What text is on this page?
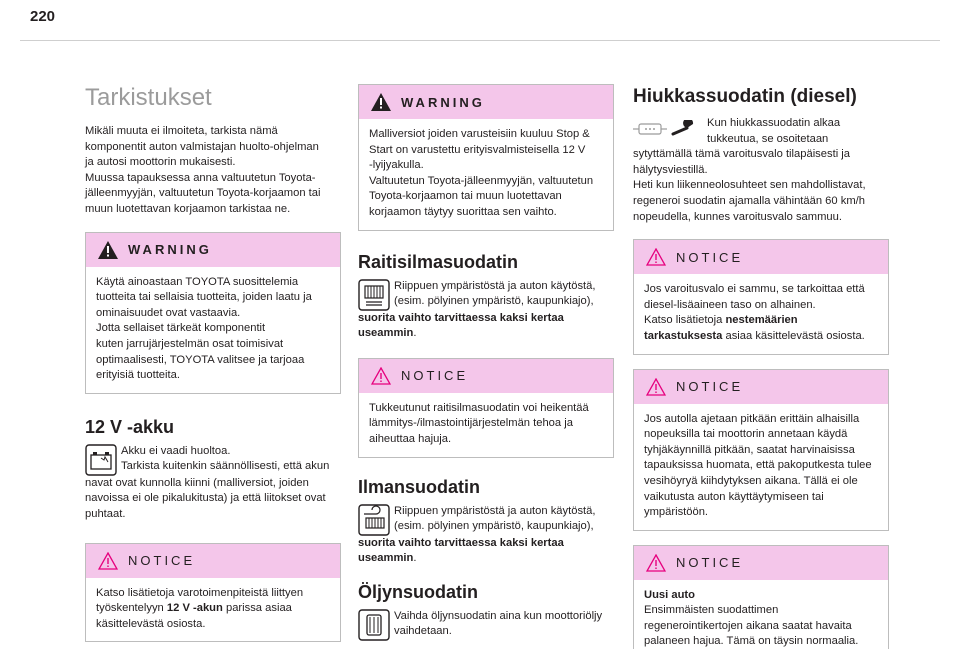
220
Tarkistukset

Mikäli muuta ei ilmoiteta, tarkista nämä
komponentit auton valmistajan huolto-ohjelman
ja autosi moottorin mukaisesti.
Muussa tapauksessa anna valtuutetun Toyota-
jälleenmyyjän, valtuutetun Toyota-korjaamon tai
muun luotettavan korjaamon tarkistaa ne.

WARNING

Käytä ainoastaan TOYOTA suosittelemia
tuotteita tai sellaisia tuotteita, joiden laatu ja
ominaisuudet ovat vastaavia.
Jotta sellaiset tärkeät komponentit
kuten jarrujärjestelmän osat toimisivat
optimaalisesti, TOYOTA valitsee ja tarjoaa
erityisiä tuotteita.

12 V -akku

Akku ei vaadi huoltoa.
Tarkista kuitenkin säännöllisesti, että akun

navat ovat kunnolla kiinni (malliversiot, joiden
navoissa ei ole pikalukitusta) ja että liitokset ovat
puhtaat.

NOTICE

Katso lisätietoja varotoimenpiteistä liittyen
työskentelyyn 12 V -akun parissa asiaa
käsittelevästä osiosta.

WARNING

Malliversiot joiden varusteisiin kuuluu Stop &
Start on varustettu erityisvalmisteisella 12 V
-lyijyakulla.
Valtuutetun Toyota-jälleenmyyjän, valtuutetun
Toyota-korjaamon tai muun luotettavan
korjaamon täytyy suorittaa sen vaihto.

Raitisilmasuodatin

Riippuen ympäristöstä ja auton käytöstä,
(esim. pölyinen ympäristö, kaupunkiajo),

suorita vaihto tarvittaessa kaksi kertaa
useammin.

NOTICE

Tukkeutunut raitisilmasuodatin voi heikentää
lämmitys-/ilmastointijärjestelmän tehoa ja
aiheuttaa hajuja.

Ilmansuodatin

Riippuen ympäristöstä ja auton käytöstä,
(esim. pölyinen ympäristö, kaupunkiajo),

suorita vaihto tarvittaessa kaksi kertaa
useammin.

Öljynsuodatin

Vaihda öljynsuodatin aina kun moottoriöljy
vaihdetaan.

Hiukkassuodatin (diesel)

Kun hiukkassuodatin alkaa
tukkeutua, se osoitetaan

sytyttämällä tämä varoitusvalo tilapäisesti ja
hälytysviestillä.
Heti kun liikenneolosuhteet sen mahdollistavat,
regeneroi suodatin ajamalla vähintään 60 km/h
nopeudella, kunnes varoitusvalo sammuu.

NOTICE

Jos varoitusvalo ei sammu, se tarkoittaa että
diesel-lisäaineen taso on alhainen.
Katso lisätietoja nestemäärien
tarkastuksesta asiaa käsittelevästä osiosta.

NOTICE

Jos autolla ajetaan pitkään erittäin alhaisilla
nopeuksilla tai moottorin annetaan käydä
tyhjäkäynnillä pitkään, saatat harvinaisissa
tapauksissa huomata, että pakoputkesta tulee
vesihöyryä kiihdytyksen aikana. Tällä ei ole
vaikutusta auton käyttäytymiseen tai
ympäristöön.

NOTICE

Uusi auto
Ensimmäisten suodattimen
regenerointikertojen aikana saatat havaita
palaneen hajua. Tämä on täysin normaalia.
